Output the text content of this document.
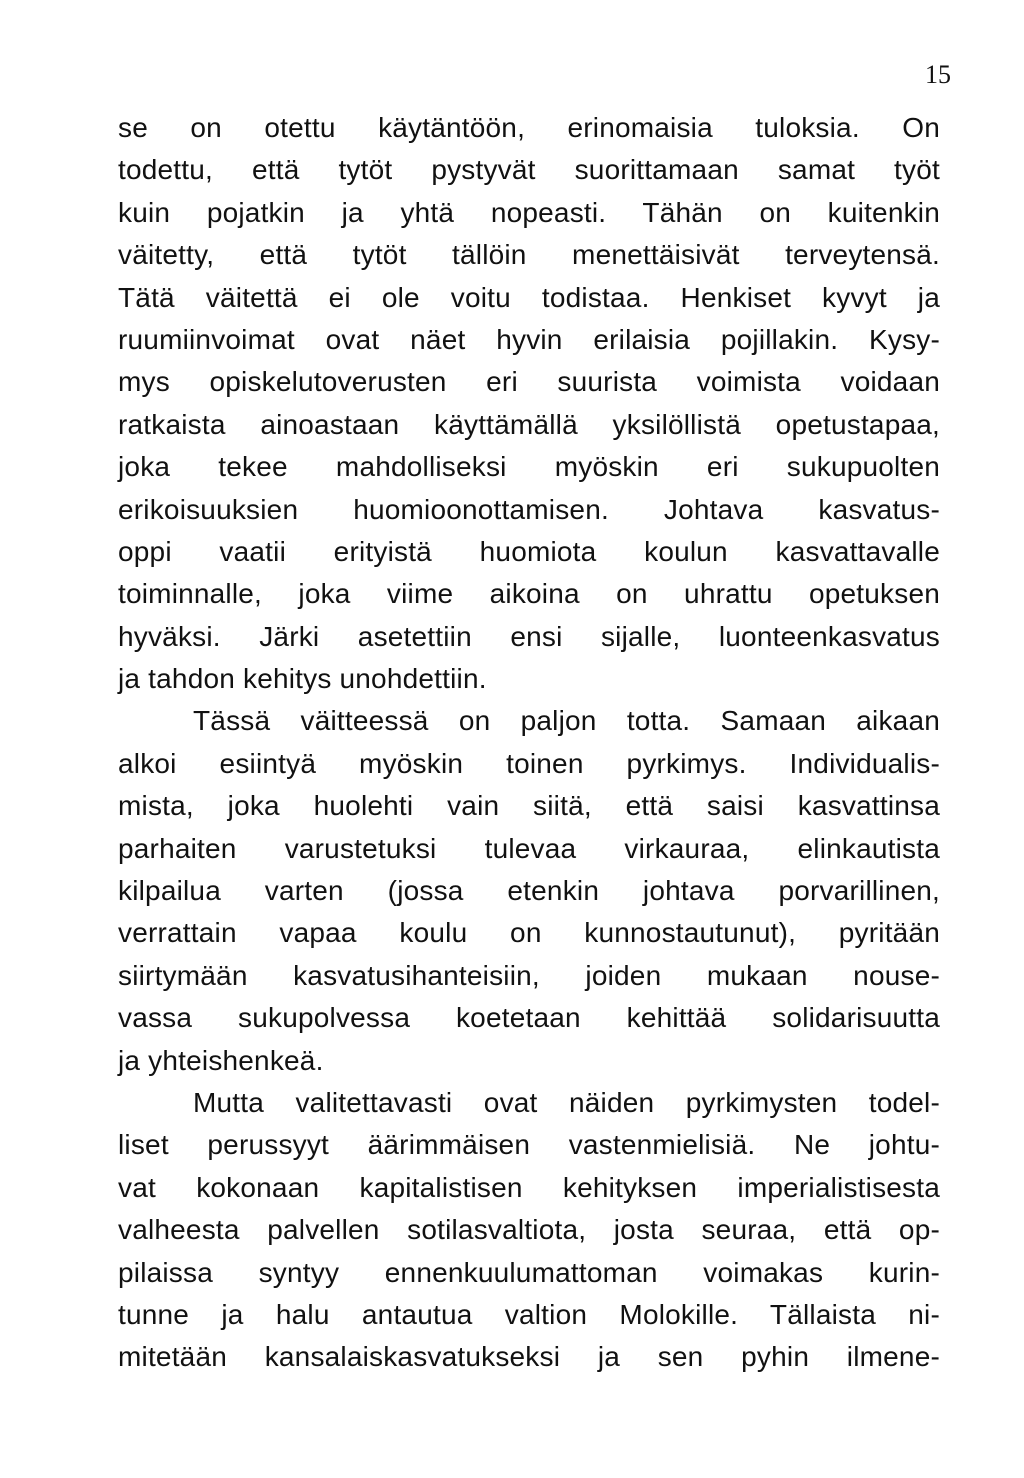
15
se on otettu käytäntöön, erinomaisia tuloksia. On
todettu, että tytöt pystyvät suorittamaan samat työt
kuin pojatkin ja yhtä nopeasti. Tähän on kuitenkin
väitetty, että tytöt tällöin menettäisivät terveytensä.
Tätä väitettä ei ole voitu todistaa. Henkiset kyvyt ja
ruumiinvoimat ovat näet hyvin erilaisia pojillakin. Kysy-
mys opiskelutoverusten eri suurista voimista voidaan
ratkaista ainoastaan käyttämällä yksilöllistä opetustapaa,
joka tekee mahdolliseksi myöskin eri sukupuolten
erikoisuuksien huomioonottamisen. Johtava kasvatus-
oppi vaatii erityistä huomiota koulun kasvattavalle
toiminnalle, joka viime aikoina on uhrattu opetuksen
hyväksi. Järki asetettiin ensi sijalle, luonteenkasvatus
ja tahdon kehitys unohdettiin.
Tässä väitteessä on paljon totta. Samaan aikaan
alkoi esiintyä myöskin toinen pyrkimys. Individualis-
mista, joka huolehti vain siitä, että saisi kasvattinsa
parhaiten varustetuksi tulevaa virkauraa, elinkautista
kilpailua varten (jossa etenkin johtava porvarillinen,
verrattain vapaa koulu on kunnostautunut), pyritään
siirtymään kasvatusihanteisiin, joiden mukaan nouse-
vassa sukupolvessa koetetaan kehittää solidarisuutta
ja yhteishenkeä.
Mutta valitettavasti ovat näiden pyrkimysten todel-
liset perussyyt äärimmäisen vastenmielisiä. Ne johtu-
vat kokonaan kapitalistisen kehityksen imperialistisesta
valheesta palvellen sotilasvaltiota, josta seuraa, että op-
pilaissa syntyy ennenkuulumattoman voimakas kurin-
tunne ja halu antautua valtion Molokille. Tällaista ni-
mitetään kansalaiskasvatukseksi ja sen pyhin ilmene-
